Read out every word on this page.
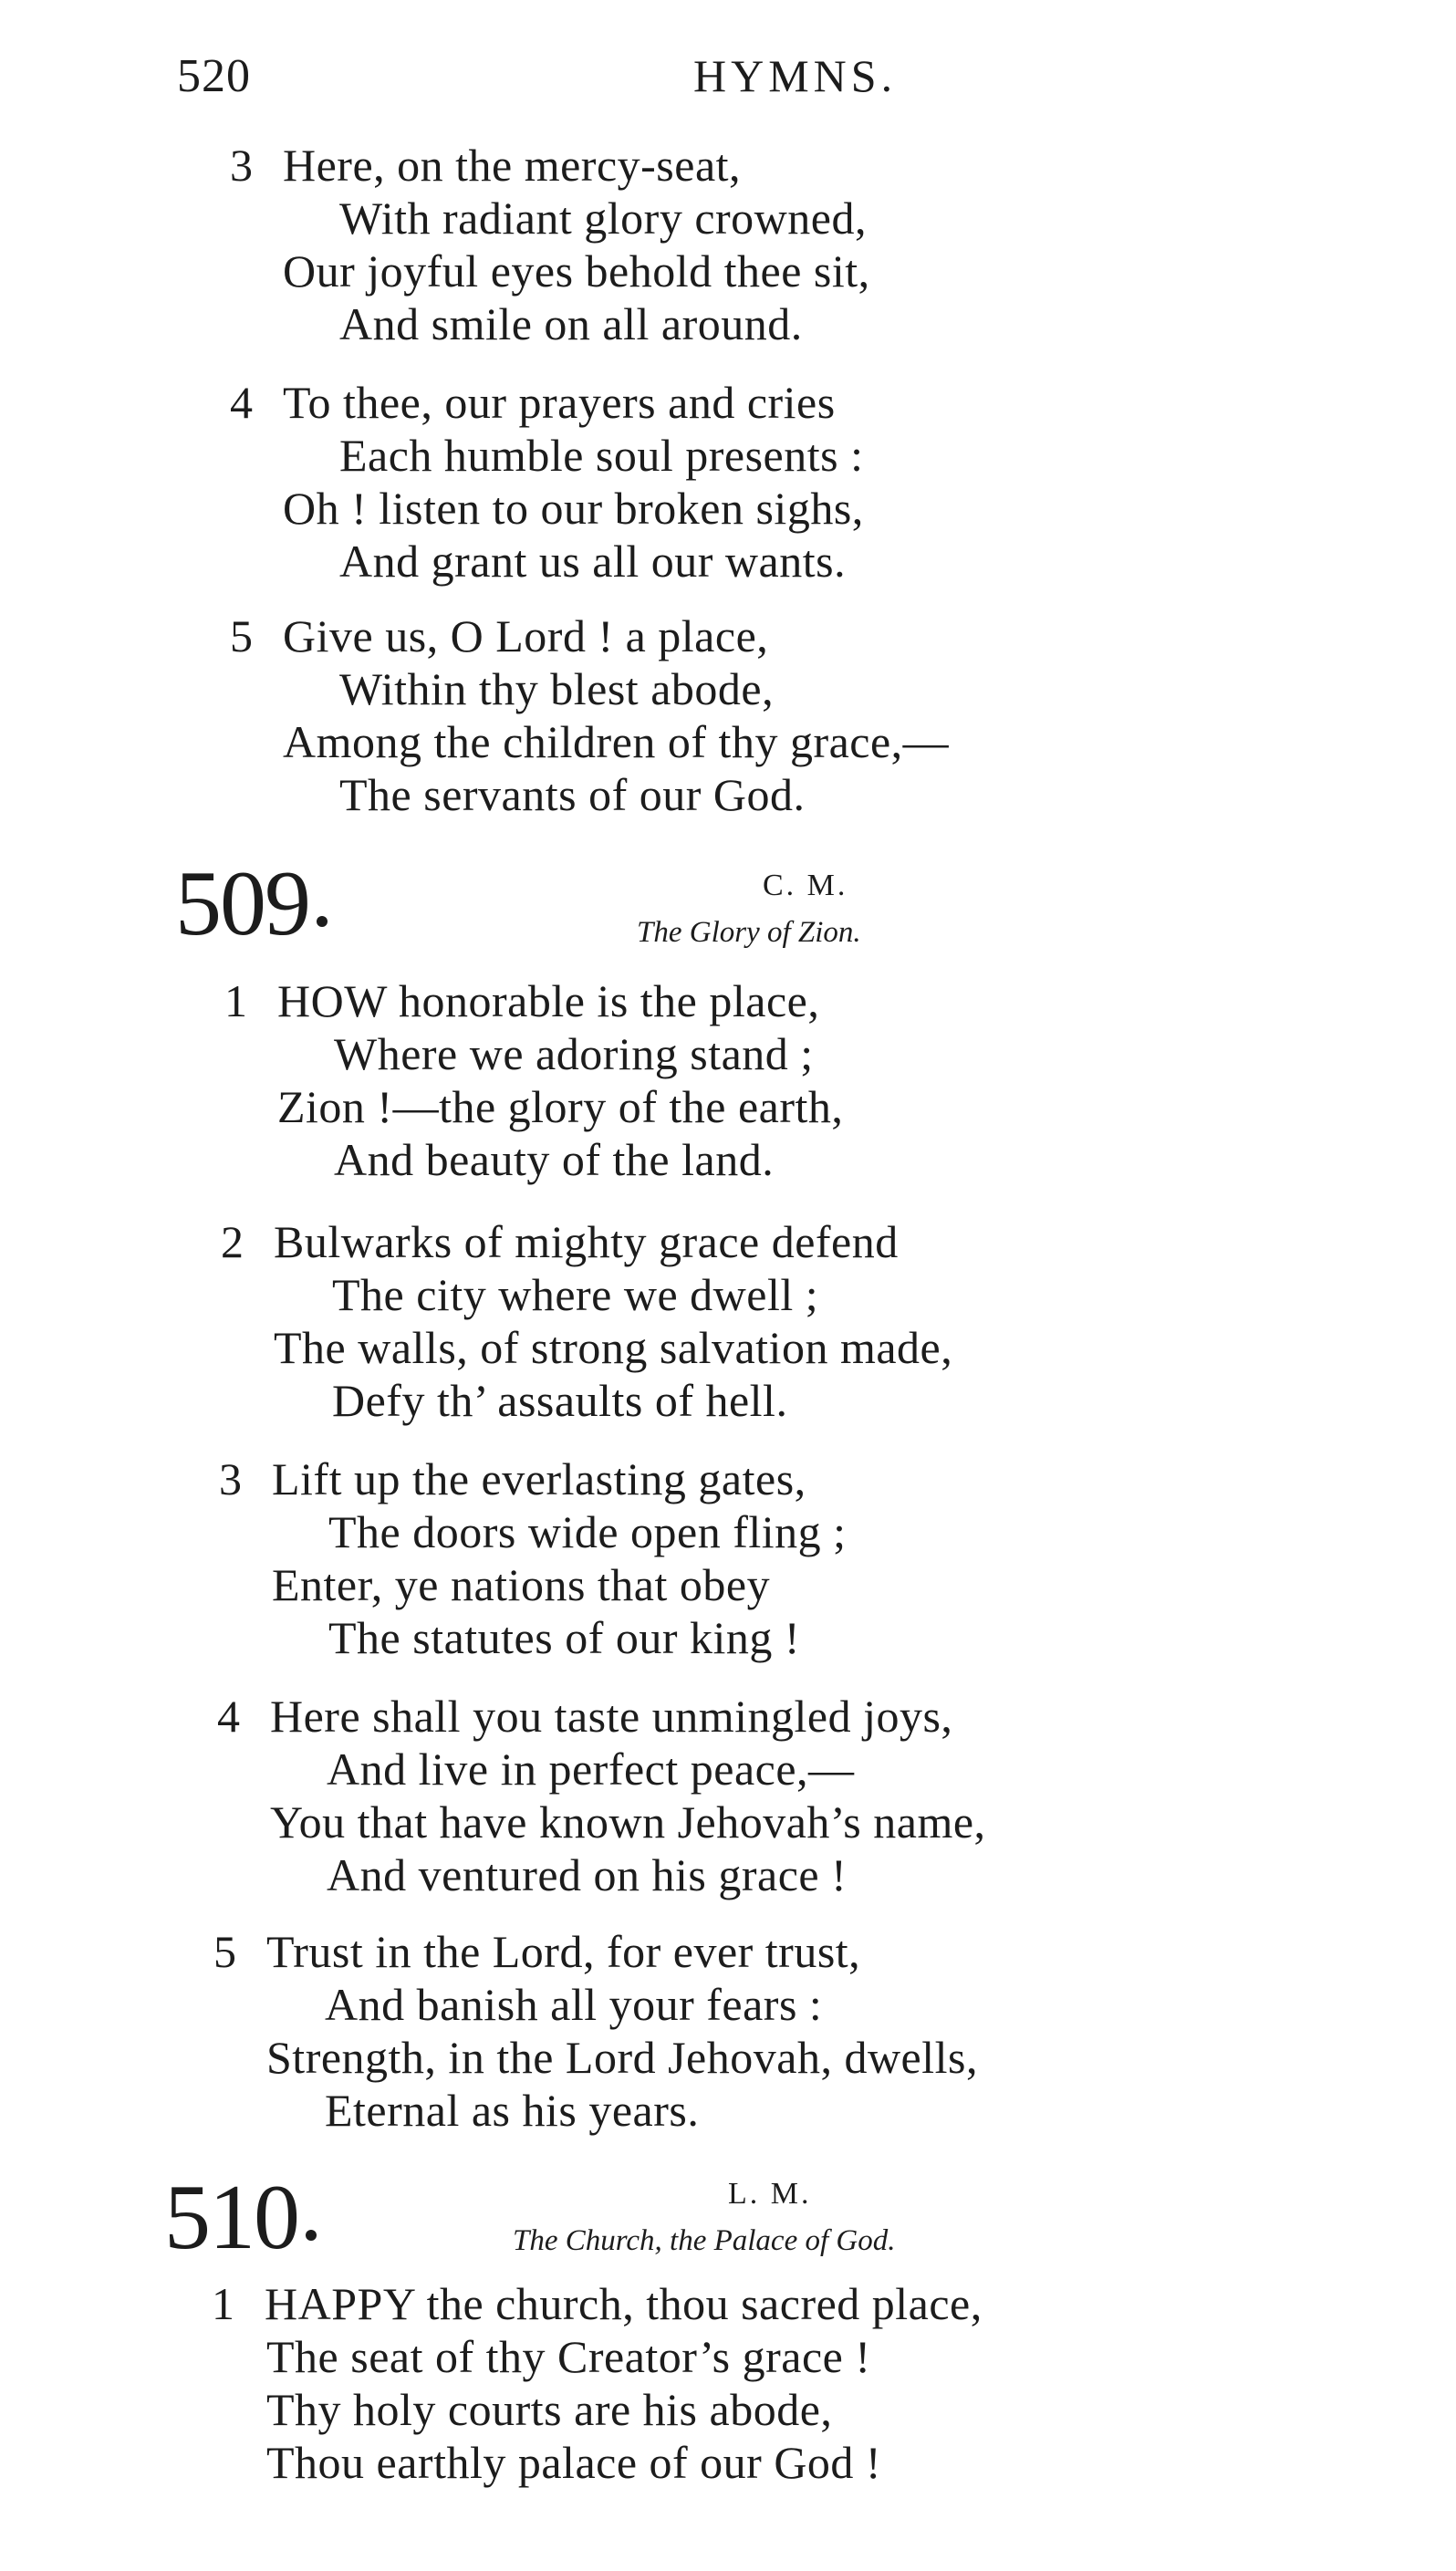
520	HYMNS.
3 Here, on the mercy-seat,
With radiant glory crowned,
Our joyful eyes behold thee sit,
And smile on all around.
4 To thee, our prayers and cries
Each humble soul presents :
Oh ! listen to our broken sighs,
And grant us all our wants.
5 Give us, O Lord ! a place,
Within thy blest abode,
Among the children of thy grace,—
The servants of our God.
509	C. M.
The Glory of Zion.
1 HOW honorable is the place,
Where we adoring stand ;
Zion !—the glory of the earth,
And beauty of the land.
2 Bulwarks of mighty grace defend
The city where we dwell ;
The walls, of strong salvation made,
Defy th’ assaults of hell.
3 Lift up the everlasting gates,
The doors wide open fling ;
Enter, ye nations that obey
The statutes of our king !
4 Here shall you taste unmingled joys,
And live in perfect peace,—
You that have known Jehovah’s name,
And ventured on his grace !
5 Trust in the Lord, for ever trust,
And banish all your fears :
Strength, in the Lord Jehovah, dwells,
Eternal as his years.
510	L. M.
The Church, the Palace of God.
1 HAPPY the church, thou sacred place,
The seat of thy Creator’s grace !
Thy holy courts are his abode,
Thou earthly palace of our God !
